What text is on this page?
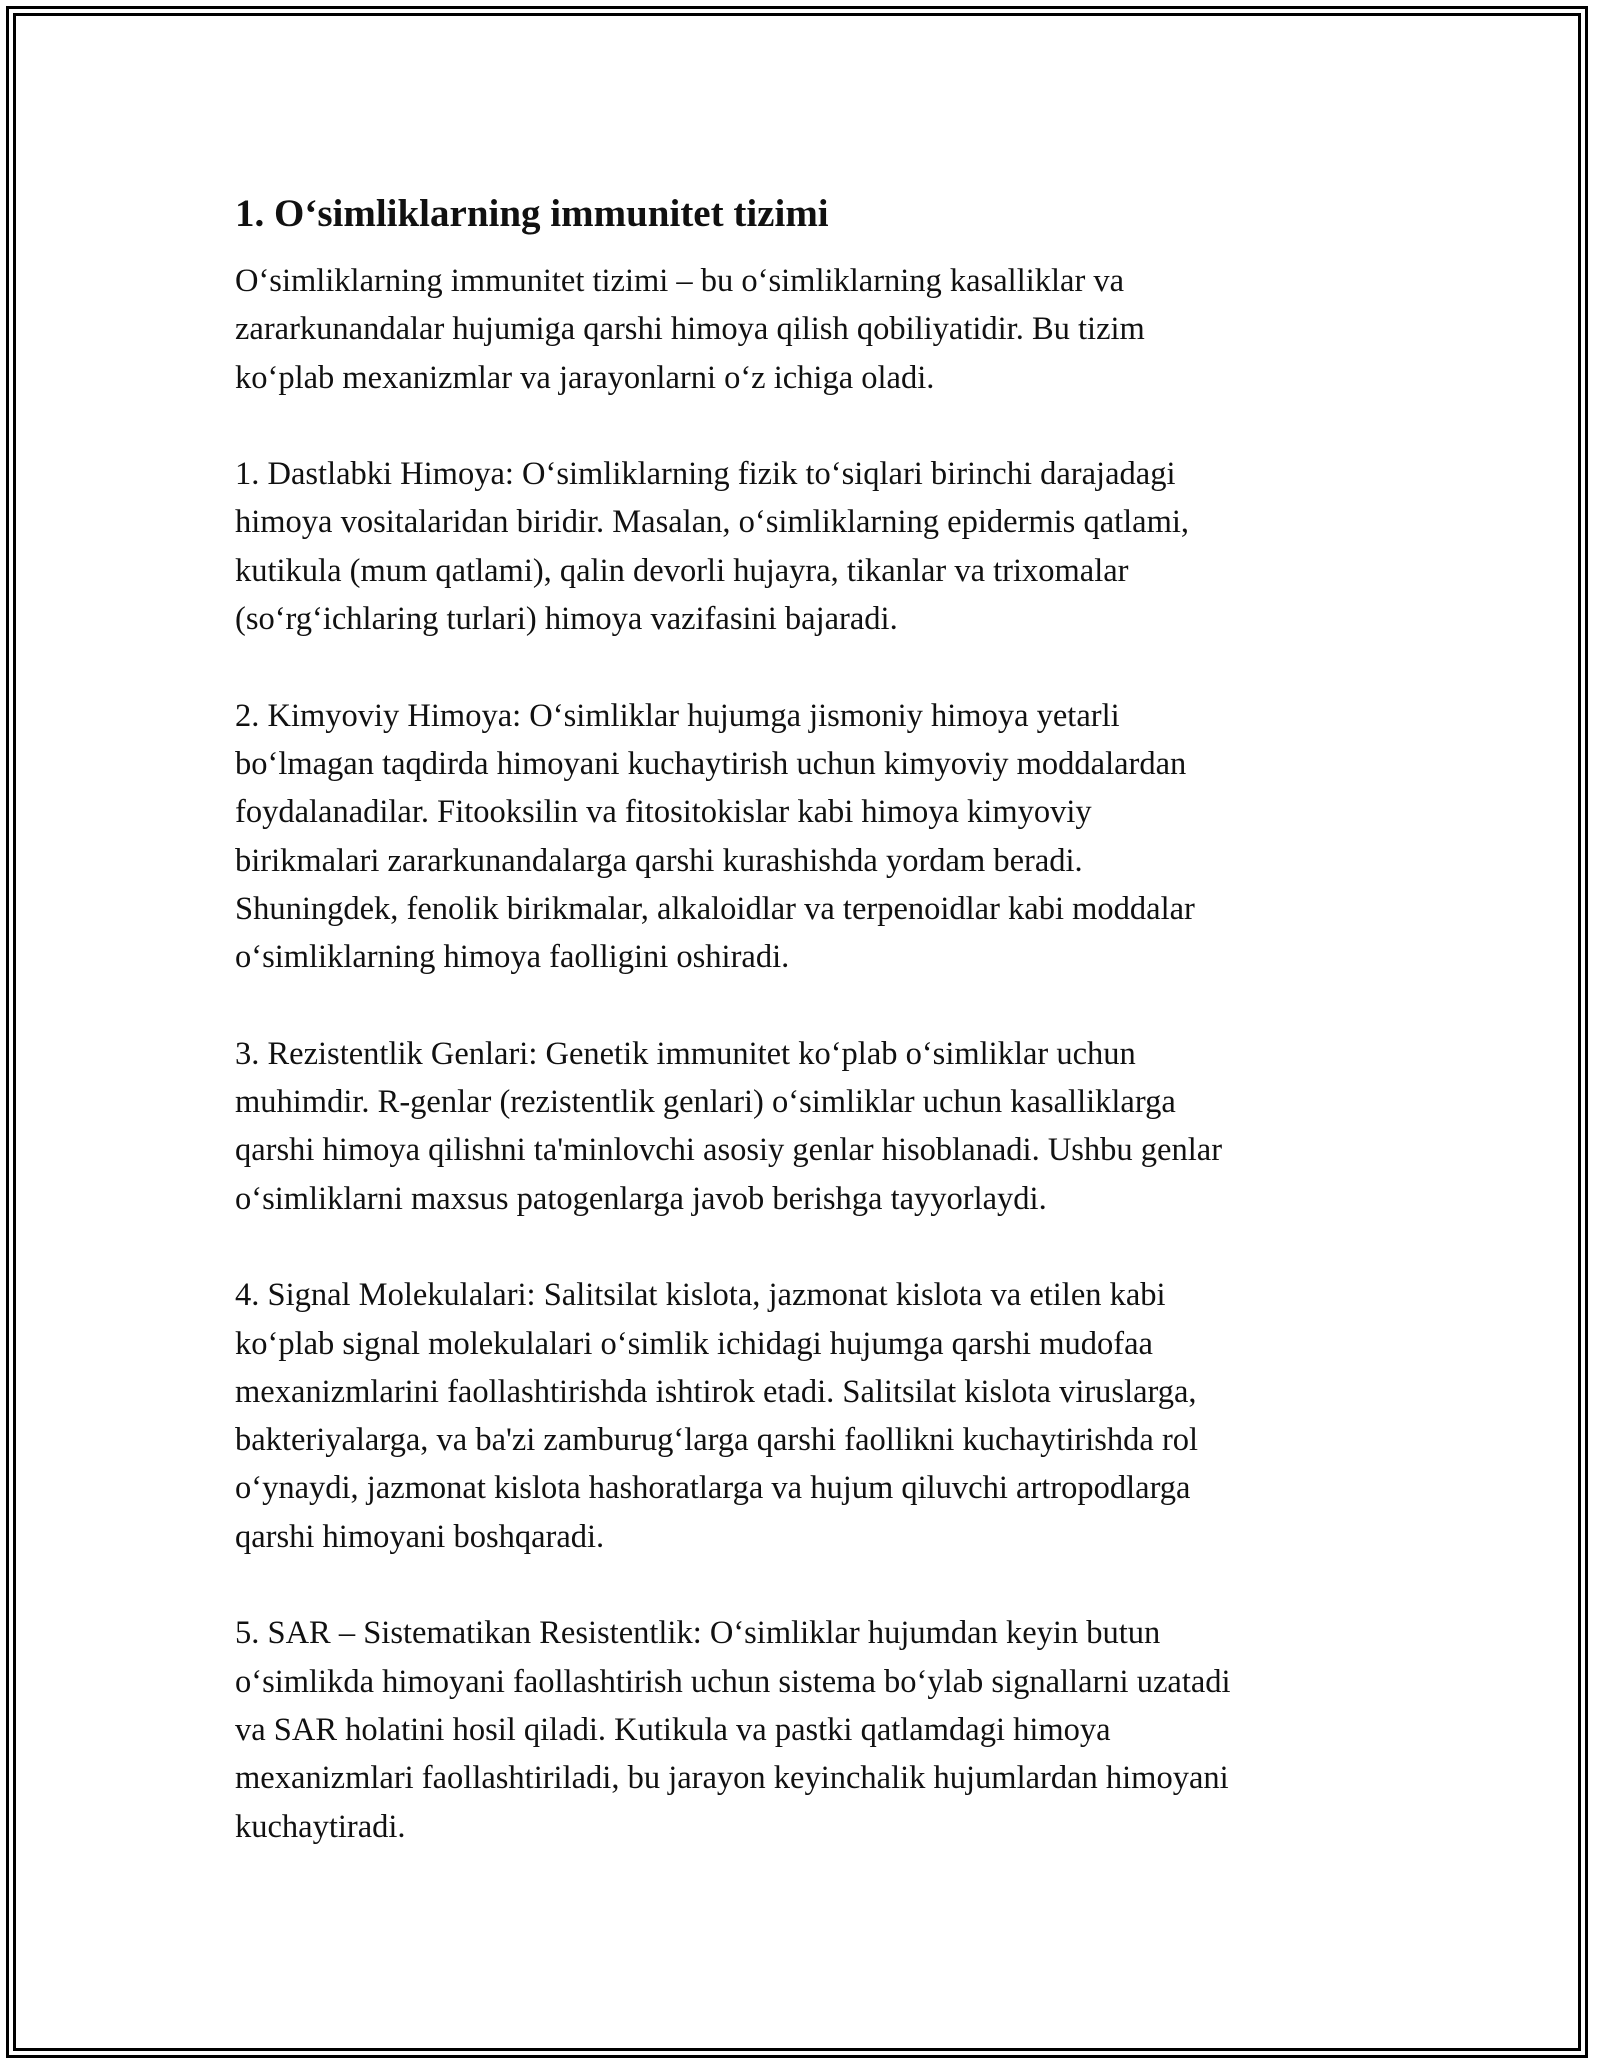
1. O‘simliklarning immunitet tizimi
O‘simliklarning immunitet tizimi – bu o‘simliklarning kasalliklar va
zararkunandalar hujumiga qarshi himoya qilish qobiliyatidir. Bu tizim
ko‘plab mexanizmlar va jarayonlarni o‘z ichiga oladi.
1. Dastlabki Himoya: O‘simliklarning fizik to‘siqlari birinchi darajadagi
himoya vositalaridan biridir. Masalan, o‘simliklarning epidermis qatlami,
kutikula (mum qatlami), qalin devorli hujayra, tikanlar va trixomalar
(so‘rg‘ichlaring turlari) himoya vazifasini bajaradi.
2. Kimyoviy Himoya: O‘simliklar hujumga jismoniy himoya yetarli
bo‘lmagan taqdirda himoyani kuchaytirish uchun kimyoviy moddalardan
foydalanadilar. Fitooksilin va fitositokislar kabi himoya kimyoviy
birikmalari zararkunandalarga qarshi kurashishda yordam beradi.
Shuningdek, fenolik birikmalar, alkaloidlar va terpenoidlar kabi moddalar
o‘simliklarning himoya faolligini oshiradi.
3. Rezistentlik Genlari: Genetik immunitet ko‘plab o‘simliklar uchun
muhimdir. R-genlar (rezistentlik genlari) o‘simliklar uchun kasalliklarga
qarshi himoya qilishni ta'minlovchi asosiy genlar hisoblanadi. Ushbu genlar
o‘simliklarni maxsus patogenlarga javob berishga tayyorlaydi.
4. Signal Molekulalari: Salitsilat kislota, jazmonat kislota va etilen kabi
ko‘plab signal molekulalari o‘simlik ichidagi hujumga qarshi mudofaa
mexanizmlarini faollashtirishda ishtirok etadi. Salitsilat kislota viruslarga,
bakteriyalarga, va ba'zi zamburug‘larga qarshi faollikni kuchaytirishda rol
o‘ynaydi, jazmonat kislota hashoratlarga va hujum qiluvchi artropodlarga
qarshi himoyani boshqaradi.
5. SAR – Sistematikan Resistentlik: O‘simliklar hujumdan keyin butun
o‘simlikda himoyani faollashtirish uchun sistema bo‘ylab signallarni uzatadi
va SAR holatini hosil qiladi. Kutikula va pastki qatlamdagi himoya
mexanizmlari faollashtiriladi, bu jarayon keyinchalik hujumlardan himoyani
kuchaytiradi.
